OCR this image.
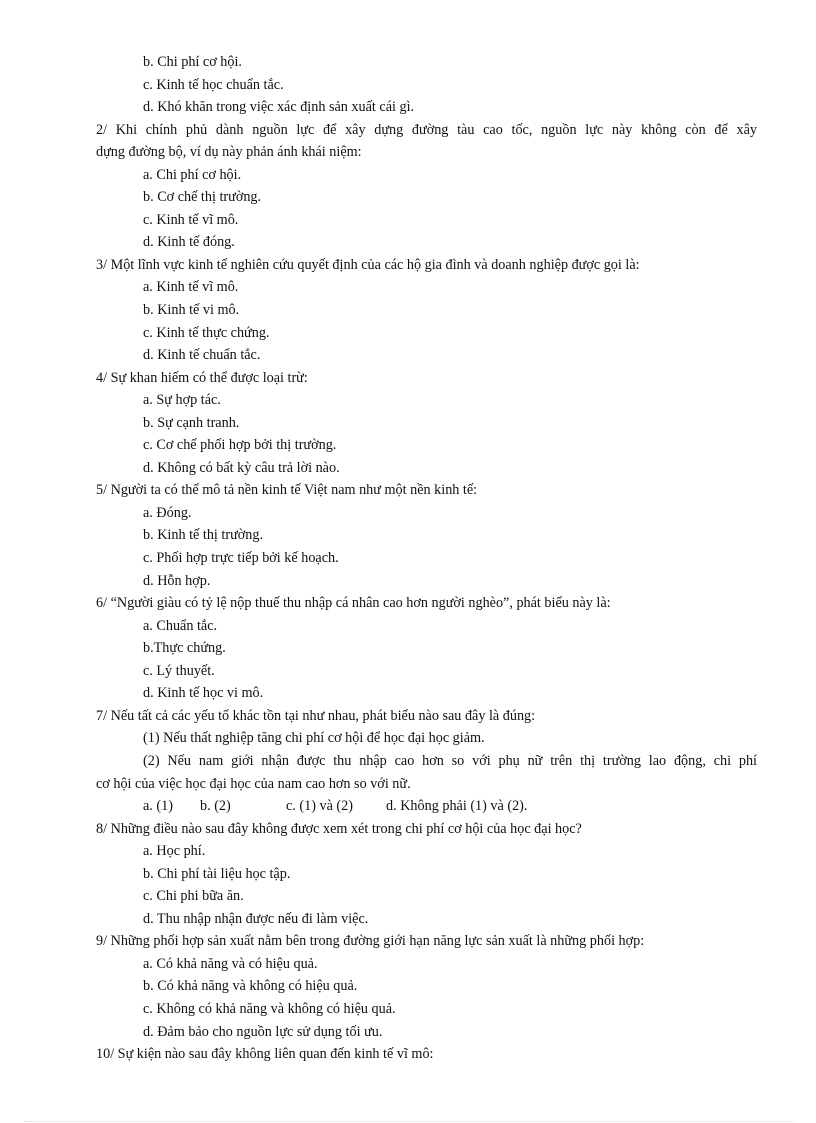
b. Chi phí cơ hội.
c. Kinh tế học chuẩn tắc.
d. Khó khăn trong việc xác định sản xuất cái gì.
2/ Khi chính phủ dành nguồn lực để xây dựng đường tàu cao tốc, nguồn lực này không còn để xây
dựng đường bộ, ví dụ này phản ánh khái niệm:
a. Chi phí cơ hội.
b. Cơ chế thị trường.
c. Kinh tế vĩ mô.
d. Kinh tế đóng.
3/ Một lĩnh vực kinh tế nghiên cứu quyết định của các hộ gia đình và doanh nghiệp được gọi là:
a. Kinh tế vĩ mô.
b. Kinh tế vi mô.
c. Kinh tế thực chứng.
d. Kinh tế chuẩn tắc.
4/ Sự khan hiếm có thể được loại trừ:
a. Sự hợp tác.
b. Sự cạnh tranh.
c. Cơ chế phối hợp bởi thị trường.
d. Không có bất kỳ câu trả lời nào.
5/ Người ta có thể mô tả nền kinh tế Việt nam như một nền kinh tế:
a. Đóng.
b. Kinh tế thị trường.
c. Phối hợp trực tiếp bởi kế hoạch.
d. Hỗn hợp.
6/ “Người giàu có tỷ lệ nộp thuế thu nhập cá nhân cao hơn người nghèo”, phát biểu này là:
a. Chuẩn tắc.
b.Thực chứng.
c. Lý thuyết.
d. Kinh tế học vi mô.
7/ Nếu tất cả các yếu tố khác tồn tại như nhau, phát biểu nào sau đây là đúng:
(1) Nếu thất nghiệp tăng chi phí cơ hội để học đại học giảm.
(2) Nếu nam giới nhận được thu nhập cao hơn so với phụ nữ trên thị trường lao động, chi phí
cơ hội của việc học đại học của nam cao hơn so với nữ.
a. (1)	b. (2)	c. (1) và (2)	d. Không phải (1) và (2).
8/ Những điều nào sau đây không được xem xét trong chi phí cơ hội của học đại học?
a. Học phí.
b. Chi phí tài liệu học tập.
c. Chi phi bữa ăn.
d. Thu nhập nhận được nếu đi làm việc.
9/ Những phối hợp sản xuất nằm bên trong đường giới hạn năng lực sản xuất là những phối hợp:
a. Có khả năng và có hiệu quả.
b. Có khả năng và không có hiệu quả.
c. Không có khả năng và không có hiệu quả.
d. Đảm bảo cho nguồn lực sử dụng tối ưu.
10/ Sự kiện nào sau đây không liên quan đến kinh tế vĩ mô:
